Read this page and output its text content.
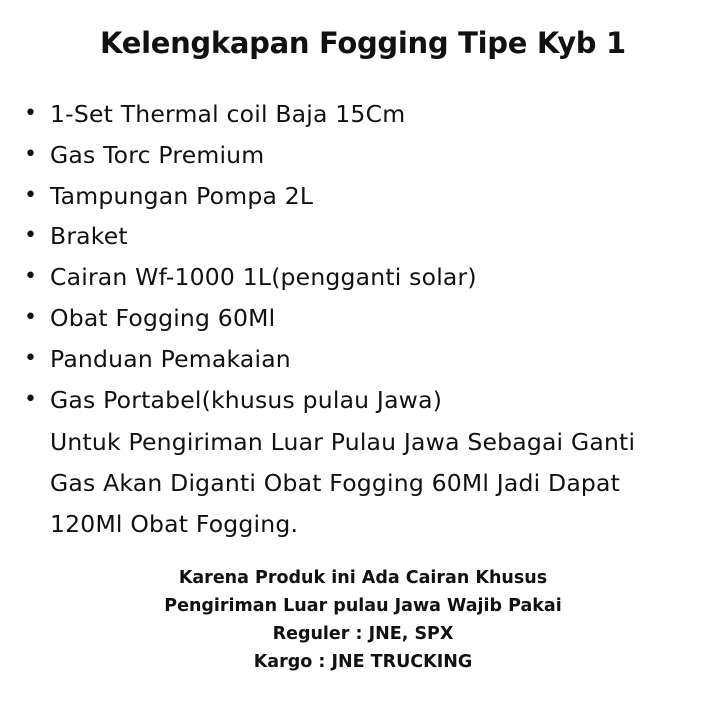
Kelengkapan Fogging Tipe Kyb 1
• 1-Set Thermal coil Baja 15Cm
• Gas Torc Premium
• Tampungan Pompa 2L
• Braket
• Cairan Wf-1000 1L(pengganti solar)
• Obat Fogging 60Ml
• Panduan Pemakaian
• Gas Portabel(khusus pulau Jawa)
Untuk Pengiriman Luar Pulau Jawa Sebagai Ganti
Gas Akan Diganti Obat Fogging 60Ml Jadi Dapat
120Ml Obat Fogging.
Karena Produk ini Ada Cairan Khusus
Pengiriman Luar pulau Jawa Wajib Pakai
Reguler : JNE, SPX
Kargo : JNE TRUCKING
